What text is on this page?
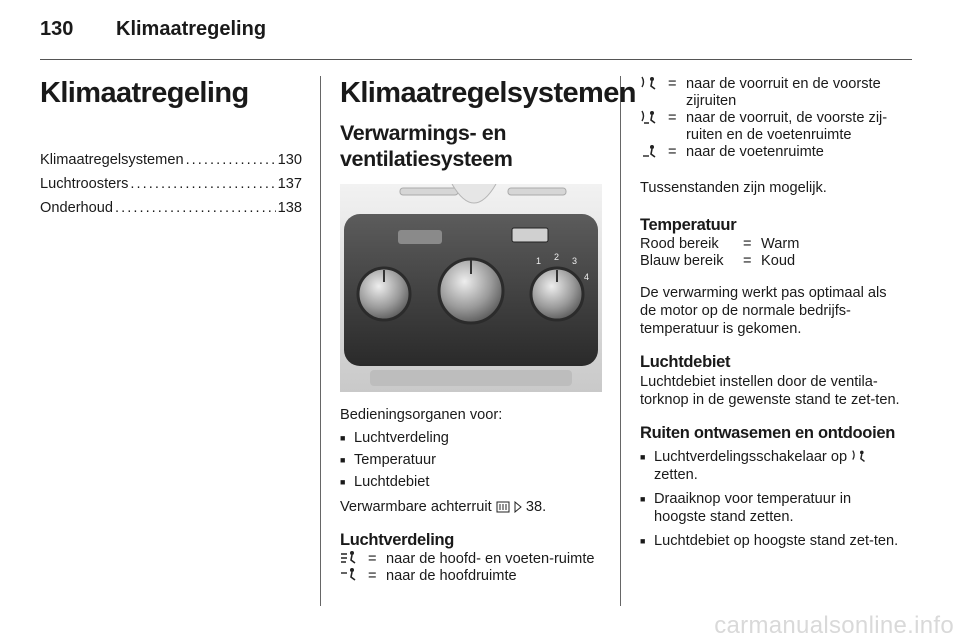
130 Klimaatregeling
Klimaatregeling
Klimaatregelsystemen . . .	130
Luchtroosters . . .	137
Onderhoud . . .	138
Klimaatregelsystemen
Verwarmings- en ventilatiesysteem
1 2 3
4

Bedieningsorganen voor:

■ Luchtverdeling
■ Temperatuur
■ Luchtdebiet

Verwarmbare achterruit 38.

Luchtverdeling
= naar de hoofd- en voeten-ruimte
= naar de hoofdruimte
= naar de voorruit en de voorste zijruiten
= naar de voorruit, de voorste zij-ruiten en de voetenruimte
= naar de voetenruimte

Tussenstanden zijn mogelijk.

Temperatuur
Rood bereik	= Warm
Blauw bereik	= Koud

De verwarming werkt pas optimaal als de motor op de normale bedrijfs-temperatuur is gekomen.

Luchtdebiet

Luchtdebiet instellen door de ventila-torknop in de gewenste stand te zet-ten.

Ruiten ontwasemen en ontdooien
■ Luchtverdelingsschakelaar op  zetten.
■ Draaiknop voor temperatuur in hoogste stand zetten.
■ Luchtdebiet op hoogste stand zet-ten.
carmanualsonline.info
